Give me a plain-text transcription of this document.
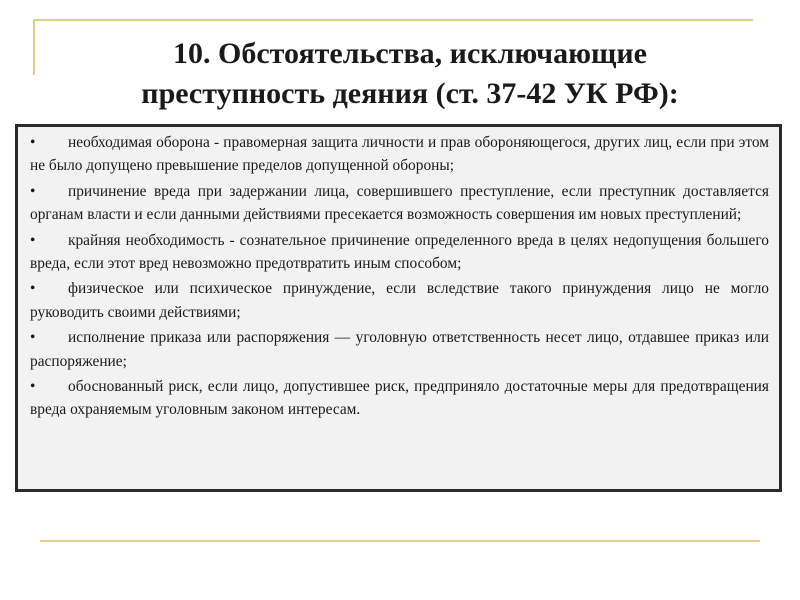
10. Обстоятельства, исключающие
преступность деяния (ст. 37-42 УК РФ):
• необходимая оборона - правомерная защита личности и прав обороняющегося, других лиц, если при этом не было допущено превышение пределов допущенной обороны;
• причинение вреда при задержании лица, совершившего преступление, если преступник доставляется органам власти и если данными действиями пресекается возможность совершения им новых преступлений;
• крайняя необходимость - сознательное причинение определенного вреда в целях недопущения большего вреда, если этот вред невозможно предотвратить иным способом;
• физическое или психическое принуждение, если вследствие такого принуждения лицо не могло руководить своими действиями;
• исполнение приказа или распоряжения — уголовную ответственность несет лицо, отдавшее приказ или распоряжение;
• обоснованный риск, если лицо, допустившее риск, предприняло достаточные меры для предотвращения вреда охраняемым уголовным законом интересам.
